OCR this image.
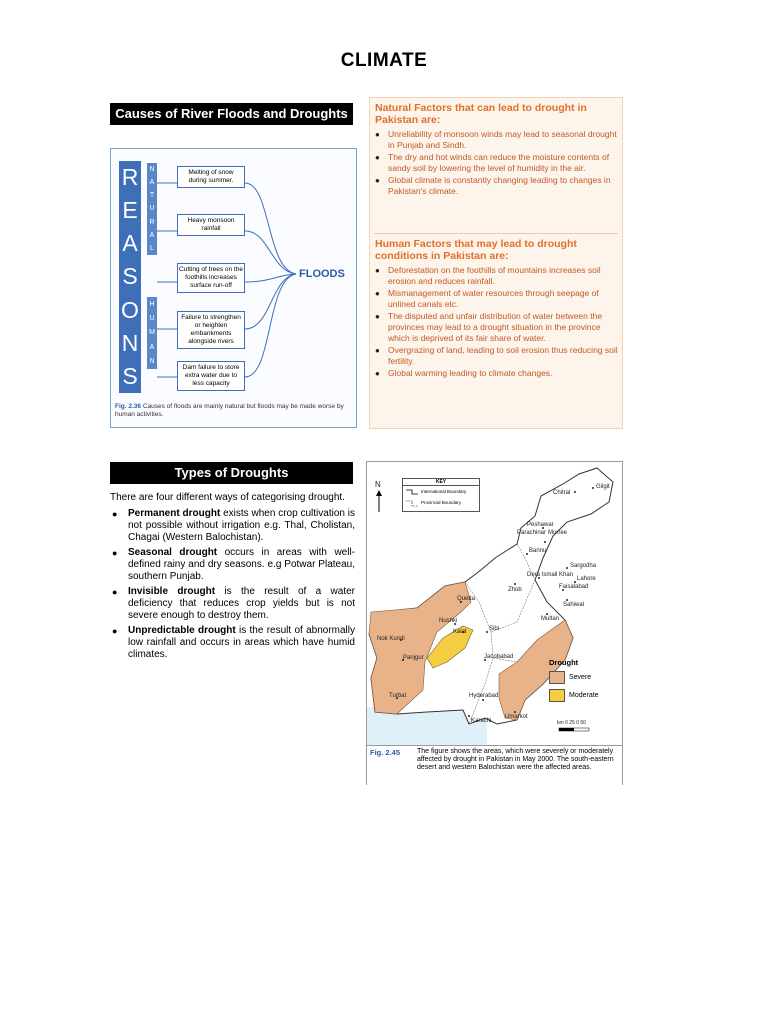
CLIMATE
Causes of River Floods and Droughts
R
E
A
S
O
N
S
N
A
T
U
R
A
L
H
U
M
A
N
Melting of snow during summer.
Heavy monsoon rainfall
Cutting of trees on the foothills increases surface run-off
Failure to strengthen or heighten embankments alongside rivers
Dam failure to store extra water due to less capacity
FLOODS
Fig. 2.36 Causes of floods are mainly natural but floods may be made worse by human activities.
Natural Factors that can lead to drought in Pakistan are:
● Unreliability of monsoon winds may lead to seasonal drought in Punjab and Sindh.
● The dry and hot winds can reduce the moisture contents of sandy soil by lowering the level of humidity in the air.
● Global climate is constantly changing leading to changes in Pakistan's climate.
Human Factors that may lead to drought conditions in Pakistan are:
● Deforestation on the foothills of mountains increases soil erosion and reduces rainfall.
● Mismanagement of water resources through seepage of unlined canals etc.
● The disputed and unfair distribution of water between the provinces may lead to a drought situation in the province which is deprived of its fair share of water.
● Overgrazing of land, leading to soil erosion thus reducing soil fertility.
● Global warming leading to climate changes.
Types of Droughts

There are four different ways of categorising drought.

● Permanent drought exists when crop cultivation is not possible without irrigation e.g. Thal, Cholistan, Chagai (Western Balochistan).
● Seasonal drought occurs in areas with well-defined rainy and dry seasons. e.g Potwar Plateau, southern Punjab.
● Invisible drought is the result of a water deficiency that reduces crop yields but is not severe enough to destroy them.
● Unpredictable drought is the result of abnormally low rainfall and occurs in areas which have humid climates.
N	KEY
International Boundary
Provincial Boundary
Chitral
Gilgit
Peshawar
Parachinar Murree
Bannu
Sargodha
Dera Ismail Khan
Lahore
Zhob	Faisalabad
Sahiwal
Quetta
Multan
Nushki
Kalat	Sibi
Nok Kundi
Panjgur	Jacobabad
Turbat	Hyderabad
Umarkot
Karachi
Drought
Severe
Moderate
km 0 25 0 50
Fig. 2.45 The figure shows the areas, which were severely or moderately affected by drought in Pakistan in May 2000. The south-eastern desert and western Balochistan were the affected areas.
